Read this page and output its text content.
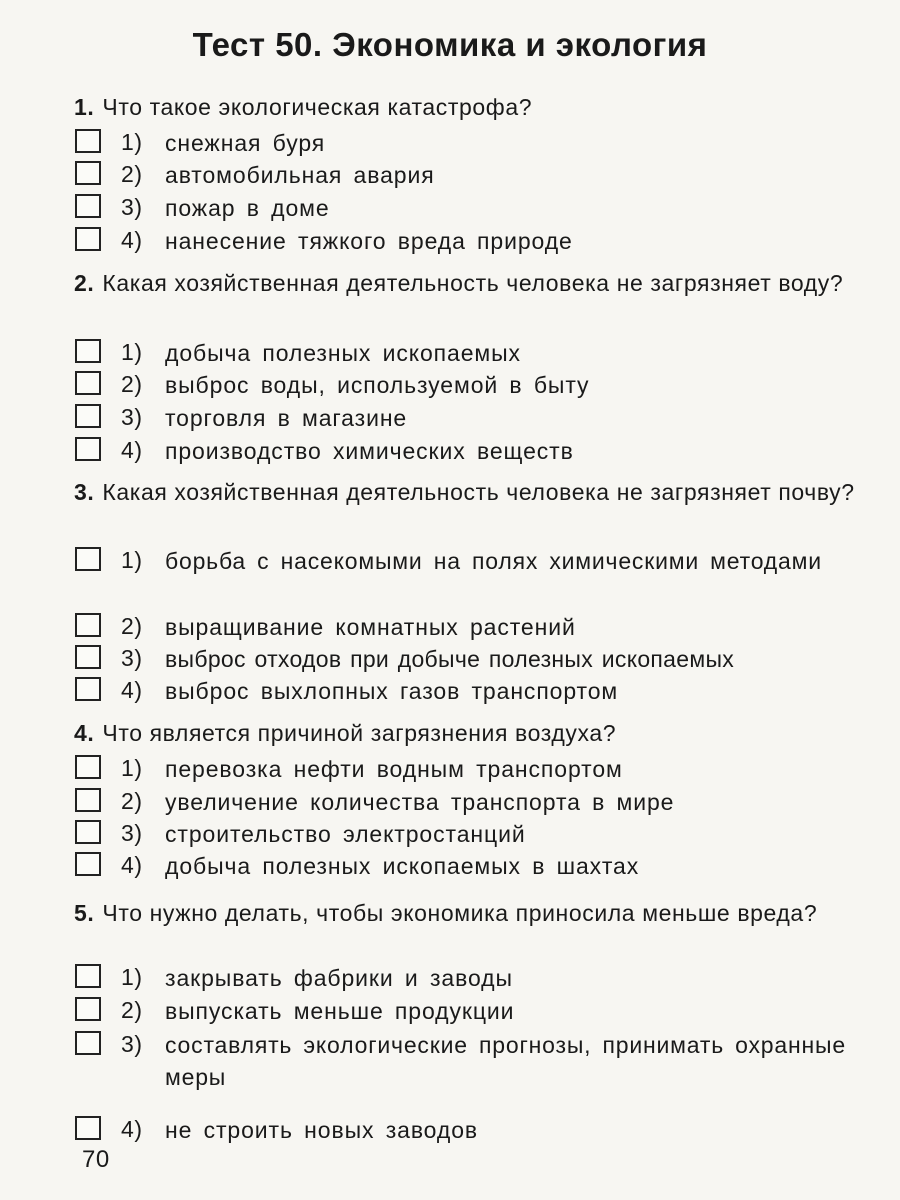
Тест 50. Экономика и экология
1. Что такое экологическая катастрофа?
1) снежная буря
2) автомобильная авария
3) пожар в доме
4) нанесение тяжкого вреда природе
2. Какая хозяйственная деятельность человека не загрязняет воду?
1) добыча полезных ископаемых
2) выброс воды, используемой в быту
3) торговля в магазине
4) производство химических веществ
3. Какая хозяйственная деятельность человека не загрязняет почву?
1) борьба с насекомыми на полях химическими методами
2) выращивание комнатных растений
3) выброс отходов при добыче полезных ископаемых
4) выброс выхлопных газов транспортом
4. Что является причиной загрязнения воздуха?
1) перевозка нефти водным транспортом
2) увеличение количества транспорта в мире
3) строительство электростанций
4) добыча полезных ископаемых в шахтах
5. Что нужно делать, чтобы экономика приносила меньше вреда?
1) закрывать фабрики и заводы
2) выпускать меньше продукции
3) составлять экологические прогнозы, принимать охранные меры
4) не строить новых заводов
70
